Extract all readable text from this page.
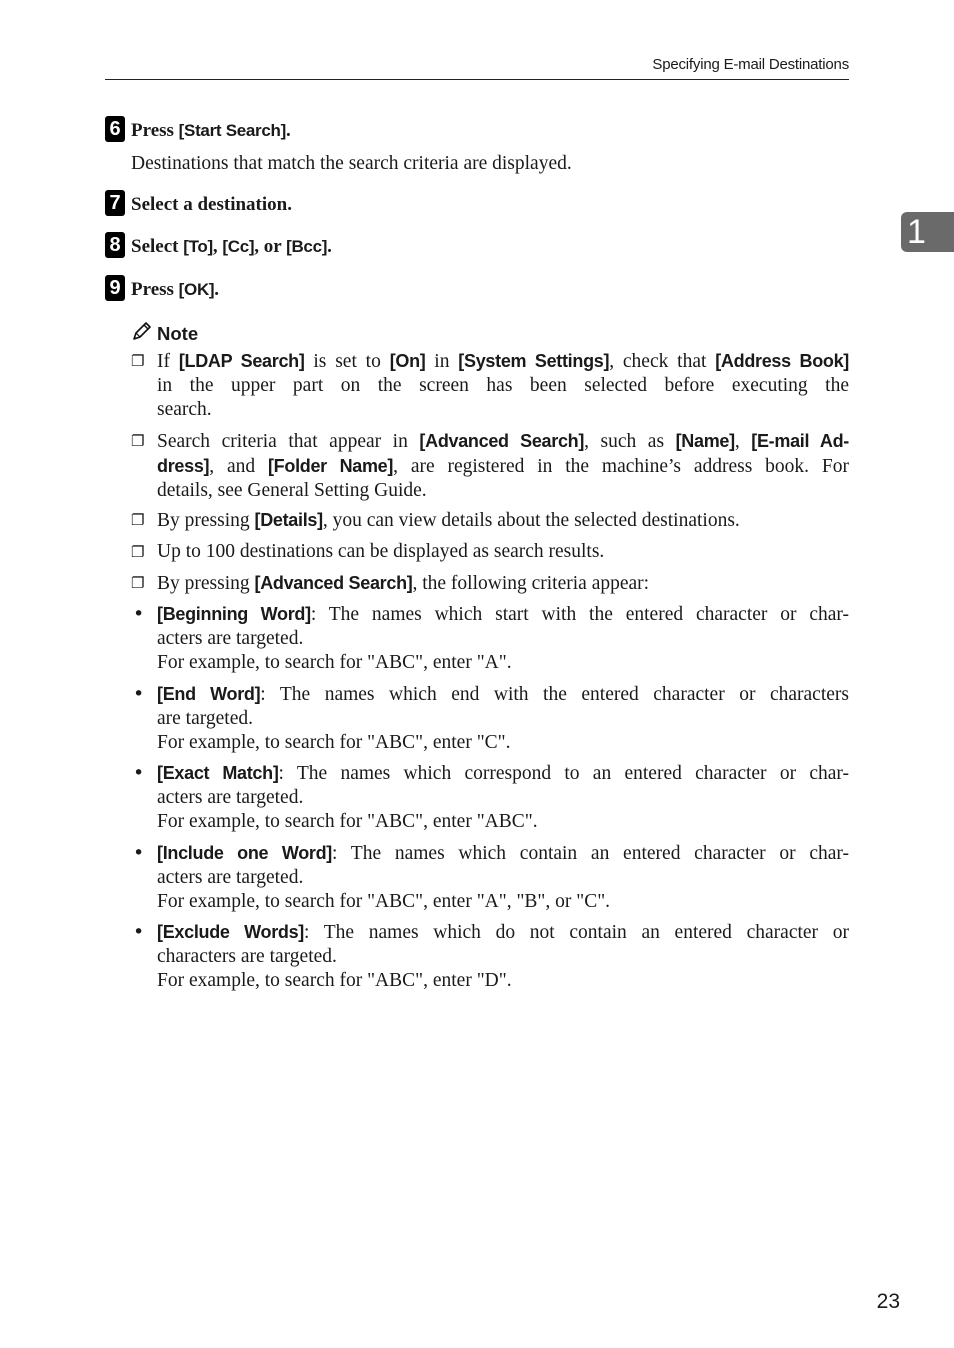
Specifying E-mail Destinations
1
6 Press [Start Search].
Destinations that match the search criteria are displayed.
7 Select a destination.
8 Select [To], [Cc], or [Bcc].
9 Press [OK].
Note
❐ If [LDAP Search] is set to [On] in [System Settings], check that [Address Book]
in the upper part on the screen has been selected before executing the
search.
❐ Search criteria that appear in [Advanced Search], such as [Name], [E-mail Ad-
dress], and [Folder Name], are registered in the machine’s address book. For
details, see General Setting Guide.
❐ By pressing [Details], you can view details about the selected destinations.
❐ Up to 100 destinations can be displayed as search results.
❐ By pressing [Advanced Search], the following criteria appear:
• [Beginning Word]: The names which start with the entered character or char-
acters are targeted.
For example, to search for "ABC", enter "A".
• [End Word]: The names which end with the entered character or characters
are targeted.
For example, to search for "ABC", enter "C".
• [Exact Match]: The names which correspond to an entered character or char-
acters are targeted.
For example, to search for "ABC", enter "ABC".
• [Include one Word]: The names which contain an entered character or char-
acters are targeted.
For example, to search for "ABC", enter "A", "B", or "C".
• [Exclude Words]: The names which do not contain an entered character or
characters are targeted.
For example, to search for "ABC", enter "D".
23
